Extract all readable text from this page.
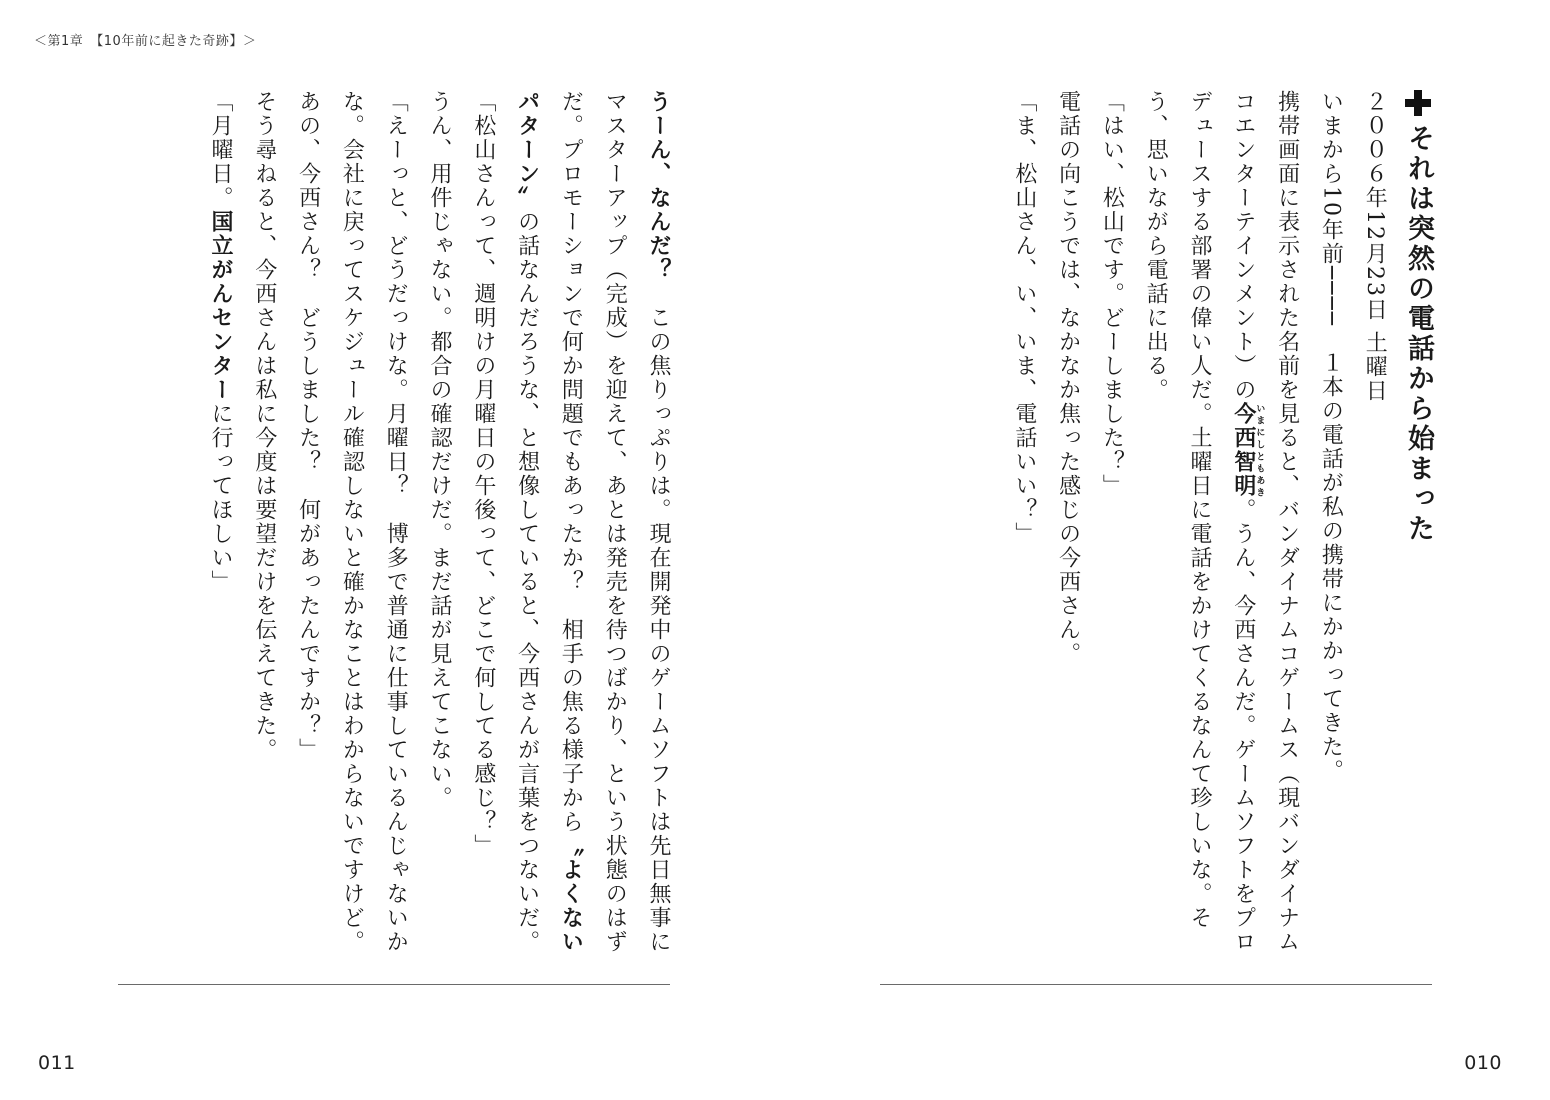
＜第1章　【10年前に起きた奇跡】＞
それは突然の電話から始まった
２００６年12月23日 土曜日
いまから10年前────　１本の電話が私の携帯にかかってきた。
携帯画面に表示された名前を見ると、バンダイナムコゲームス（現バンダイナムコエンターテインメント）の今西智明いまにしともあき。うん、今西さんだ。ゲームソフトをプロデュースする部署の偉い人だ。土曜日に電話をかけてくるなんて珍しいな。そう、思いながら電話に出る。
「はい、松山です。どーしました？」
電話の向こうでは、なかなか焦った感じの今西さん。
「ま、松山さん、い、いま、電話いい？」
うーん、なんだ？　この焦りっぷりは。現在開発中のゲームソフトは先日無事にマスターアップ（完成）を迎えて、あとは発売を待つばかり、という状態のはずだ。プロモーションで何か問題でもあったか？　相手の焦る様子から〝よくないパターン〟の話なんだろうな、と想像していると、今西さんが言葉をつないだ。
「松山さんって、週明けの月曜日の午後って、どこで何してる感じ？」
うん、用件じゃない。都合の確認だけだ。まだ話が見えてこない。
「えーっと、どうだっけな。月曜日？　博多で普通に仕事しているんじゃないかな。会社に戻ってスケジュール確認しないと確かなことはわからないですけど。あの、今西さん？　どうしました？　何があったんですか？」
そう尋ねると、今西さんは私に今度は要望だけを伝えてきた。
「月曜日。国立がんセンターに行ってほしい」
011	010
